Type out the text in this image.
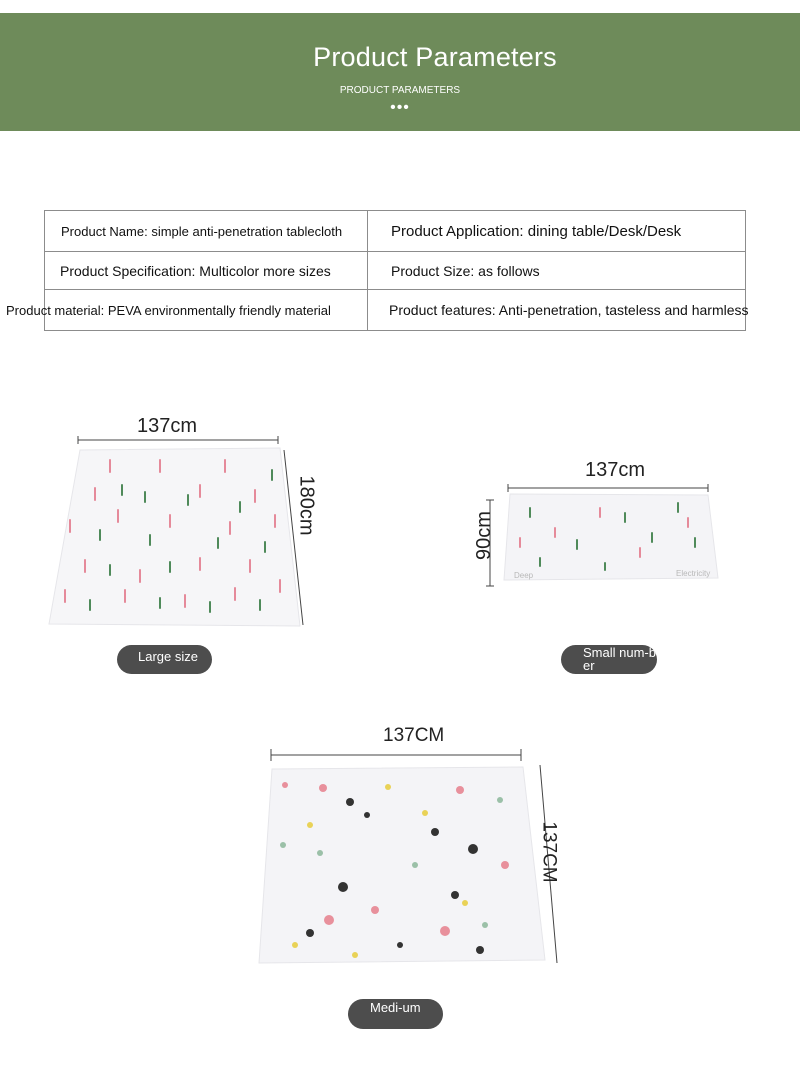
Product Parameters
PRODUCT PARAMETERS
•••
Product Name: simple anti-penetration tablecloth	Product Application: dining table/Desk/Desk

Product Specification: Multicolor more sizes	Product Size: as follows

Product material: PEVA environmentally friendly material	Product features: Anti-penetration, tasteless and harmless
137cm
180cm
Large size
Deep	Electricity
137cm
90cm
Small num-ber
137CM
137CM
Medi-um
